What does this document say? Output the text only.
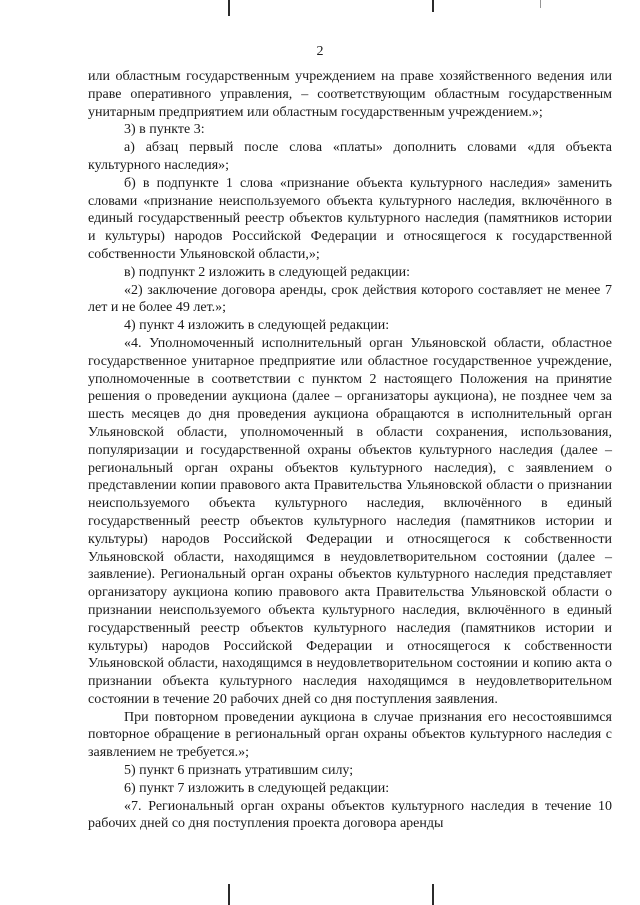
2

или областным государственным учреждением на праве хозяйственного ведения или праве оперативного управления, – соответствующим областным государственным унитарным предприятием или областным государственным учреждением.»;

3) в пункте 3:

а) абзац первый после слова «платы» дополнить словами «для объекта культурного наследия»;

б) в подпункте 1 слова «признание объекта культурного наследия» заменить словами «признание неиспользуемого объекта культурного наследия, включённого в единый государственный реестр объектов культурного наследия (памятников истории и культуры) народов Российской Федерации и относящегося к государственной собственности Ульяновской области,»;

в) подпункт 2 изложить в следующей редакции:

«2) заключение договора аренды, срок действия которого составляет не менее 7 лет и не более 49 лет.»;

4) пункт 4 изложить в следующей редакции:

«4. Уполномоченный исполнительный орган Ульяновской области, областное государственное унитарное предприятие или областное государственное учреждение, уполномоченные в соответствии с пунктом 2 настоящего Положения на принятие решения о проведении аукциона (далее – организаторы аукциона), не позднее чем за шесть месяцев до дня проведения аукциона обращаются в исполнительный орган Ульяновской области, уполномоченный в области сохранения, использования, популяризации и государственной охраны объектов культурного наследия (далее – региональный орган охраны объектов культурного наследия), с заявлением о представлении копии правового акта Правительства Ульяновской области о признании неиспользуемого объекта культурного наследия, включённого в единый государственный реестр объектов культурного наследия (памятников истории и культуры) народов Российской Федерации и относящегося к собственности Ульяновской области, находящимся в неудовлетворительном состоянии (далее – заявление). Региональный орган охраны объектов культурного наследия представляет организатору аукциона копию правового акта Правительства Ульяновской области о признании неиспользуемого объекта культурного наследия, включённого в единый государственный реестр объектов культурного наследия (памятников истории и культуры) народов Российской Федерации и относящегося к собственности Ульяновской области, находящимся в неудовлетворительном состоянии и копию акта о признании объекта культурного наследия находящимся в неудовлетворительном состоянии в течение 20 рабочих дней со дня поступления заявления.

При повторном проведении аукциона в случае признания его несостоявшимся повторное обращение в региональный орган охраны объектов культурного наследия с заявлением не требуется.»;

5) пункт 6 признать утратившим силу;

6) пункт 7 изложить в следующей редакции:

«7. Региональный орган охраны объектов культурного наследия в течение 10 рабочих дней со дня поступления проекта договора аренды
